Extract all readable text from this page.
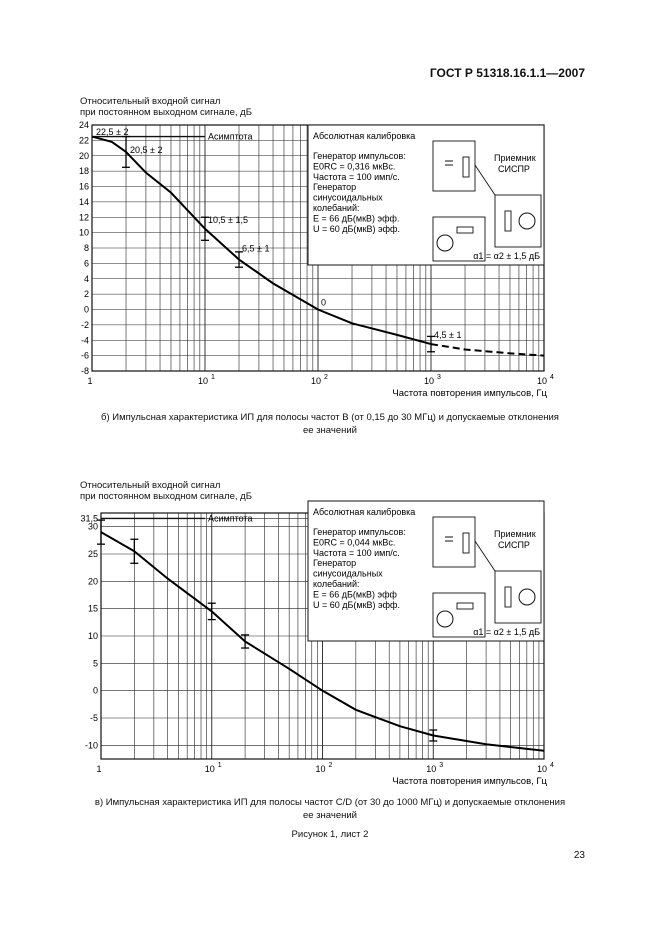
ГОСТ Р 51318.16.1.1—2007
Относительный входной сигнал
при постоянном выходном сигнале, дБ
24
22
20
18
16
14
12
10
8
6
4
2
0
-2
-4
-6
-8
1	10 1	10 2	10 3	10 4
Частота повторения импульсов, Гц
Асимптота
22,5 ± 2
20,5 ± 2
10,5 ± 1,5
6,5 ± 1
0
4,5 ± 1
Абсолютная калибровка
Генератор импульсов:
E0RC = 0,316 мкВс.
Частота = 100 имп/с.
Генератор
синусоидальных
колебаний:
E = 66 дБ(мкВ) эфф.
U = 60 дБ(мкВ) эфф.
Приемник
СИСПР
α1 = α2 ± 1,5 дБ
31,5
30
25
20
15
10
5
0
-5
-10
1	10 1	10 2	10 3	10 4
Частота повторения импульсов, Гц
Асимптота
Абсолютная калибровка
Генератор импульсов:
E0RC = 0,044 мкВс.
Частота = 100 имп/с.
Генератор
синусоидальных
колебаний:
E = 66 дБ(мкВ) эфф
U = 60 дБ(мкВ) эфф.
Приемник
СИСПР
α1 = α2 ± 1,5 дБ
б) Импульсная характеристика ИП для полосы частот В (от 0,15 до 30 МГц) и допускаемые отклонения
ее значений
Относительный входной сигнал
при постоянном выходном сигнале, дБ
в) Импульсная характеристика ИП для полосы частот C/D (от 30 до 1000 МГц) и допускаемые отклонения
ее значений
Рисунок 1, лист 2
23
